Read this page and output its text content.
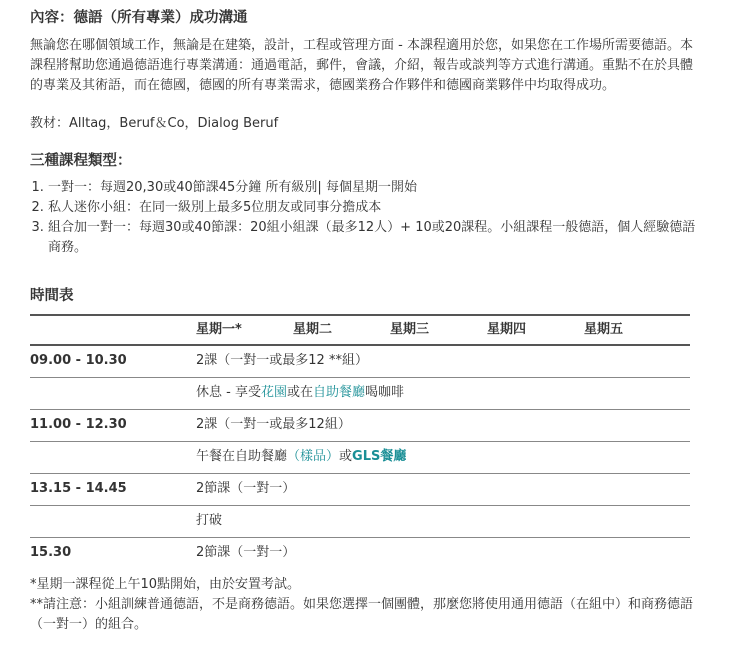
內容：德語（所有專業）成功溝通

無論您在哪個領域工作，無論是在建築，設計，工程或管理方面 - 本課程適用於您，如果您在工作場所需要德語。本課程將幫助您通過德語進行專業溝通：通過電話，郵件，會議，介紹，報告或談判等方式進行溝通。重點不在於具體的專業及其術語，而在德國，德國的所有專業需求，德國業務合作夥伴和德國商業夥伴中均取得成功。

教材：Alltag，Beruf＆Co，Dialog Beruf

三種課程類型：
1. 一對一：每週20,30或40節課45分鐘 所有級別| 每個星期一開始
2. 私人迷你小組：在同一級別上最多5位朋友或同事分擔成本
3. 組合加一對一：每週30或40節課：20組小組課（最多12人）+ 10或20課程。小組課程一般德語，個人經驗德語商務。
時間表

	星期一* 星期二 星期三 星期四 星期五

09.00 - 10.30	2課（一對一或最多12 **組）
	休息 - 享受花園或在自助餐廳喝咖啡
11.00 - 12.30	2課（一對一或最多12組）
	午餐在自助餐廳（樣品）或GLS餐廳
13.15 - 14.45	2節課（一對一）
	打破
15.30	2節課（一對一）

*星期一課程從上午10點開始，由於安置考試。

**請注意：小組訓練普通德語，不是商務德語。如果您選擇一個團體，那麼您將使用通用德語（在組中）和商務德語（一對一）的組合。
